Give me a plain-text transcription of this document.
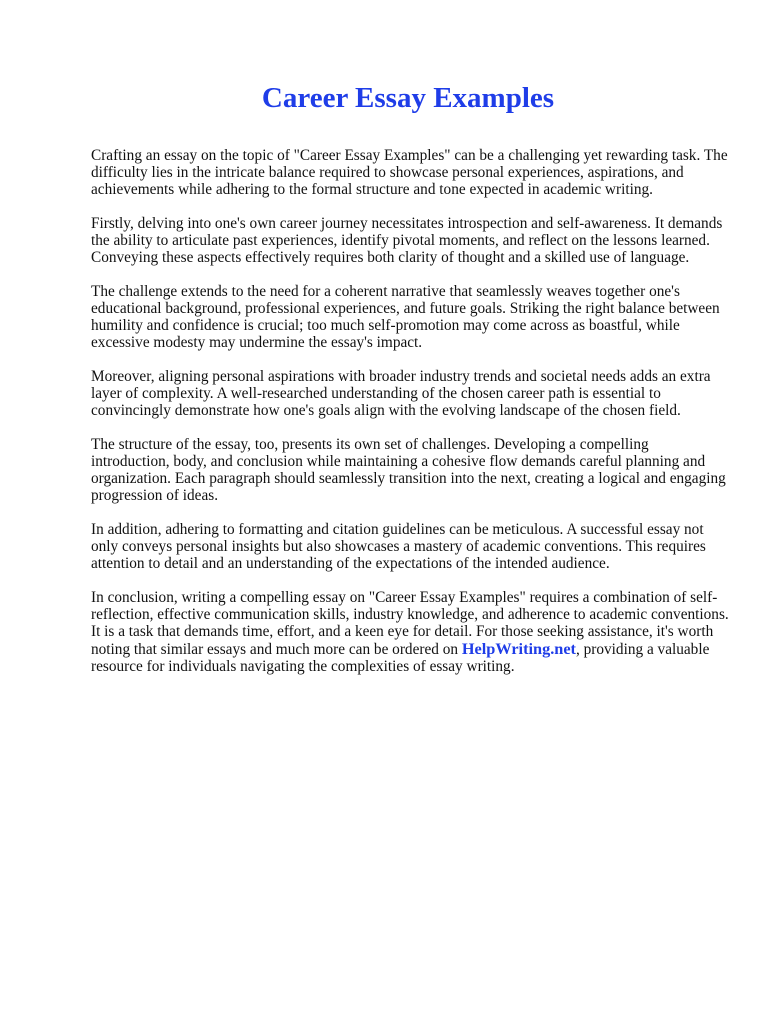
Career Essay Examples

Crafting an essay on the topic of "Career Essay Examples" can be a challenging yet rewarding task. The difficulty lies in the intricate balance required to showcase personal experiences, aspirations, and achievements while adhering to the formal structure and tone expected in academic writing.

Firstly, delving into one's own career journey necessitates introspection and self-awareness. It demands the ability to articulate past experiences, identify pivotal moments, and reflect on the lessons learned. Conveying these aspects effectively requires both clarity of thought and a skilled use of language.

The challenge extends to the need for a coherent narrative that seamlessly weaves together one's educational background, professional experiences, and future goals. Striking the right balance between humility and confidence is crucial; too much self-promotion may come across as boastful, while excessive modesty may undermine the essay's impact.

Moreover, aligning personal aspirations with broader industry trends and societal needs adds an extra layer of complexity. A well-researched understanding of the chosen career path is essential to convincingly demonstrate how one's goals align with the evolving landscape of the chosen field.

The structure of the essay, too, presents its own set of challenges. Developing a compelling introduction, body, and conclusion while maintaining a cohesive flow demands careful planning and organization. Each paragraph should seamlessly transition into the next, creating a logical and engaging progression of ideas.

In addition, adhering to formatting and citation guidelines can be meticulous. A successful essay not only conveys personal insights but also showcases a mastery of academic conventions. This requires attention to detail and an understanding of the expectations of the intended audience.

In conclusion, writing a compelling essay on "Career Essay Examples" requires a combination of self-reflection, effective communication skills, industry knowledge, and adherence to academic conventions. It is a task that demands time, effort, and a keen eye for detail. For those seeking assistance, it's worth noting that similar essays and much more can be ordered on HelpWriting.net, providing a valuable resource for individuals navigating the complexities of essay writing.
